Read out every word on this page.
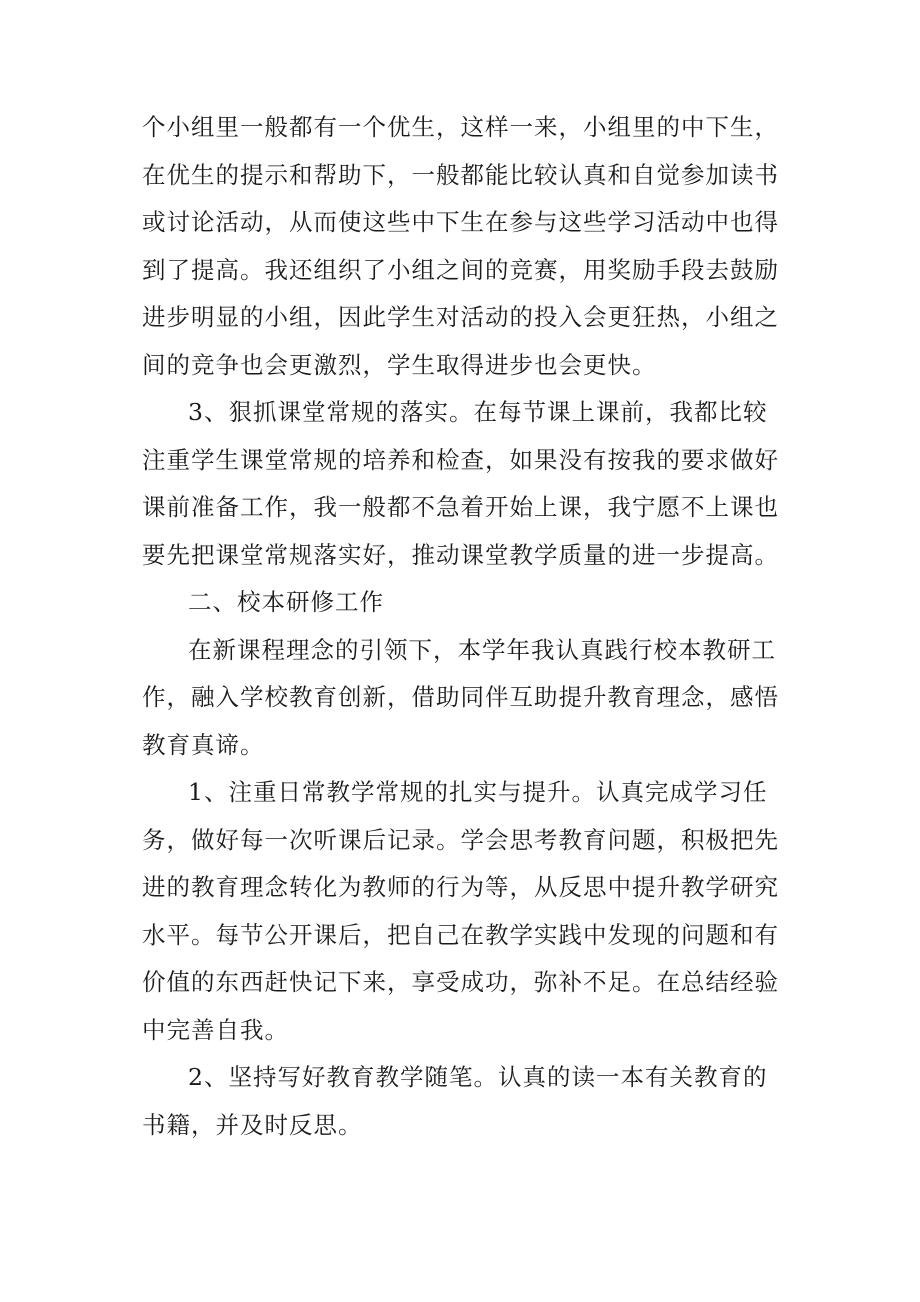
个小组里一般都有一个优生，这样一来，小组里的中下生，
在优生的提示和帮助下，一般都能比较认真和自觉参加读书
或讨论活动，从而使这些中下生在参与这些学习活动中也得
到了提高。我还组织了小组之间的竞赛，用奖励手段去鼓励
进步明显的小组，因此学生对活动的投入会更狂热，小组之
间的竞争也会更激烈，学生取得进步也会更快。
3、狠抓课堂常规的落实。在每节课上课前，我都比较
注重学生课堂常规的培养和检查，如果没有按我的要求做好
课前准备工作，我一般都不急着开始上课，我宁愿不上课也
要先把课堂常规落实好，推动课堂教学质量的进一步提高。
二、校本研修工作
在新课程理念的引领下，本学年我认真践行校本教研工
作，融入学校教育创新，借助同伴互助提升教育理念，感悟
教育真谛。
1、注重日常教学常规的扎实与提升。认真完成学习任
务，做好每一次听课后记录。学会思考教育问题，积极把先
进的教育理念转化为教师的行为等，从反思中提升教学研究
水平。每节公开课后，把自己在教学实践中发现的问题和有
价值的东西赶快记下来，享受成功，弥补不足。在总结经验
中完善自我。
2、坚持写好教育教学随笔。认真的读一本有关教育的
书籍，并及时反思。
